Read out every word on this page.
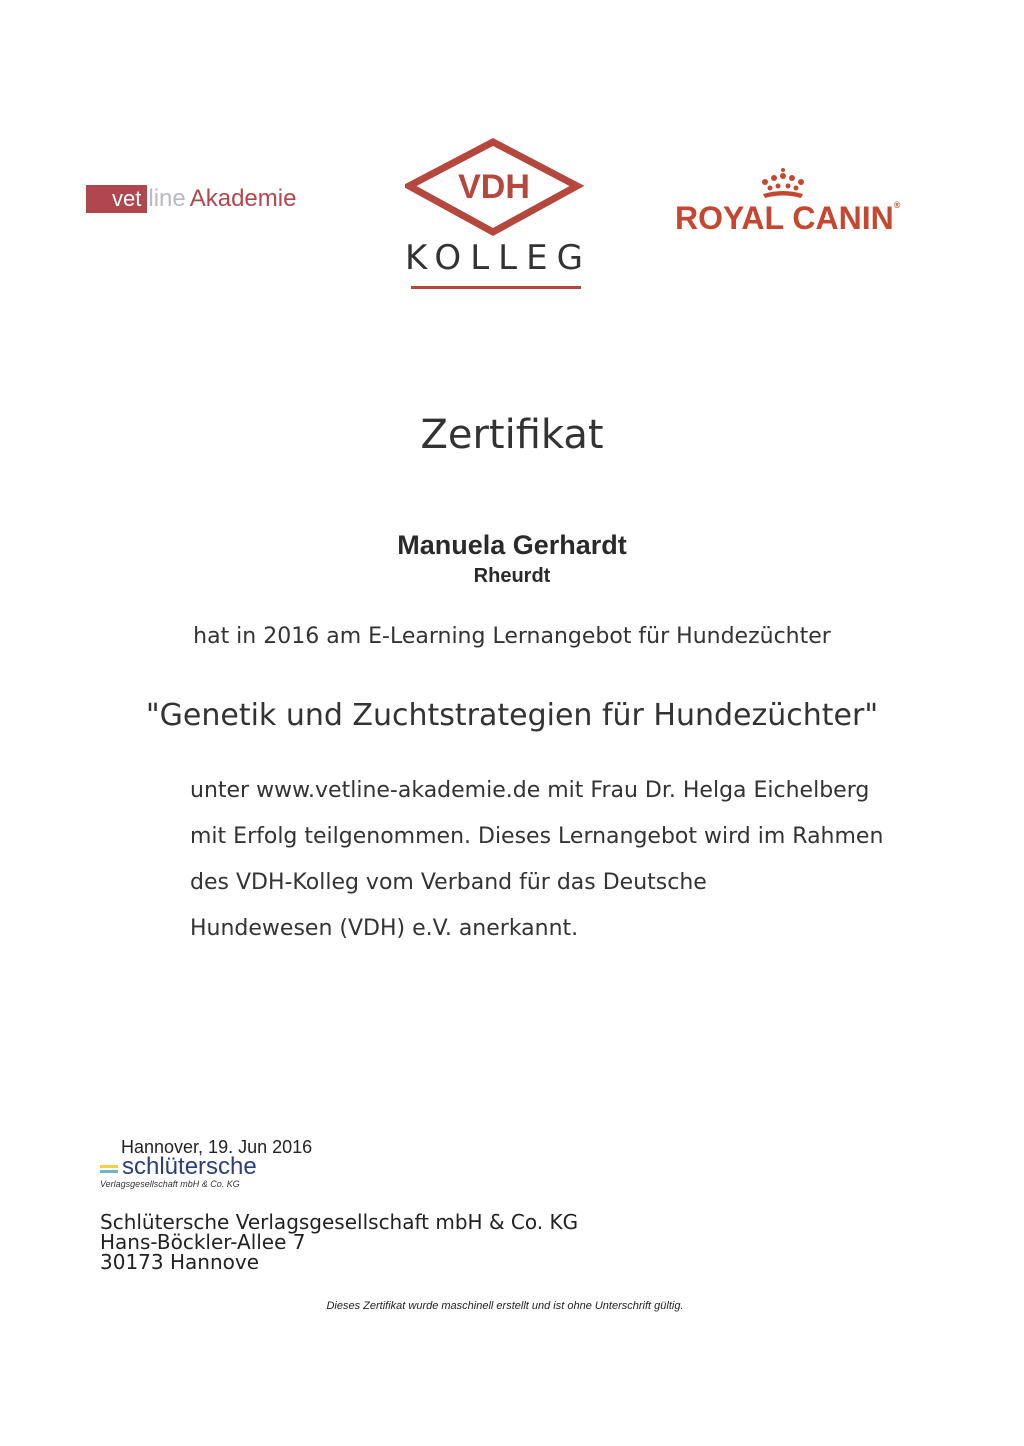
vet line Akademie	VDH
KOLLEG
ROYAL CANIN®
Zertifikat
Manuela Gerhardt
Rheurdt
hat in 2016 am E-Learning Lernangebot für Hundezüchter
"Genetik und Zuchtstrategien für Hundezüchter"
unter www.vetline-akademie.de mit Frau Dr. Helga Eichelberg
mit Erfolg teilgenommen. Dieses Lernangebot wird im Rahmen
des VDH-Kolleg vom Verband für das Deutsche
Hundewesen (VDH) e.V. anerkannt.
Hannover, 19. Jun 2016
schlütersche
Verlagsgesellschaft mbH & Co. KG
Schlütersche Verlagsgesellschaft mbH & Co. KG
Hans-Böckler-Allee 7
30173 Hannove
Dieses Zertifikat wurde maschinell erstellt und ist ohne Unterschrift gültig.
